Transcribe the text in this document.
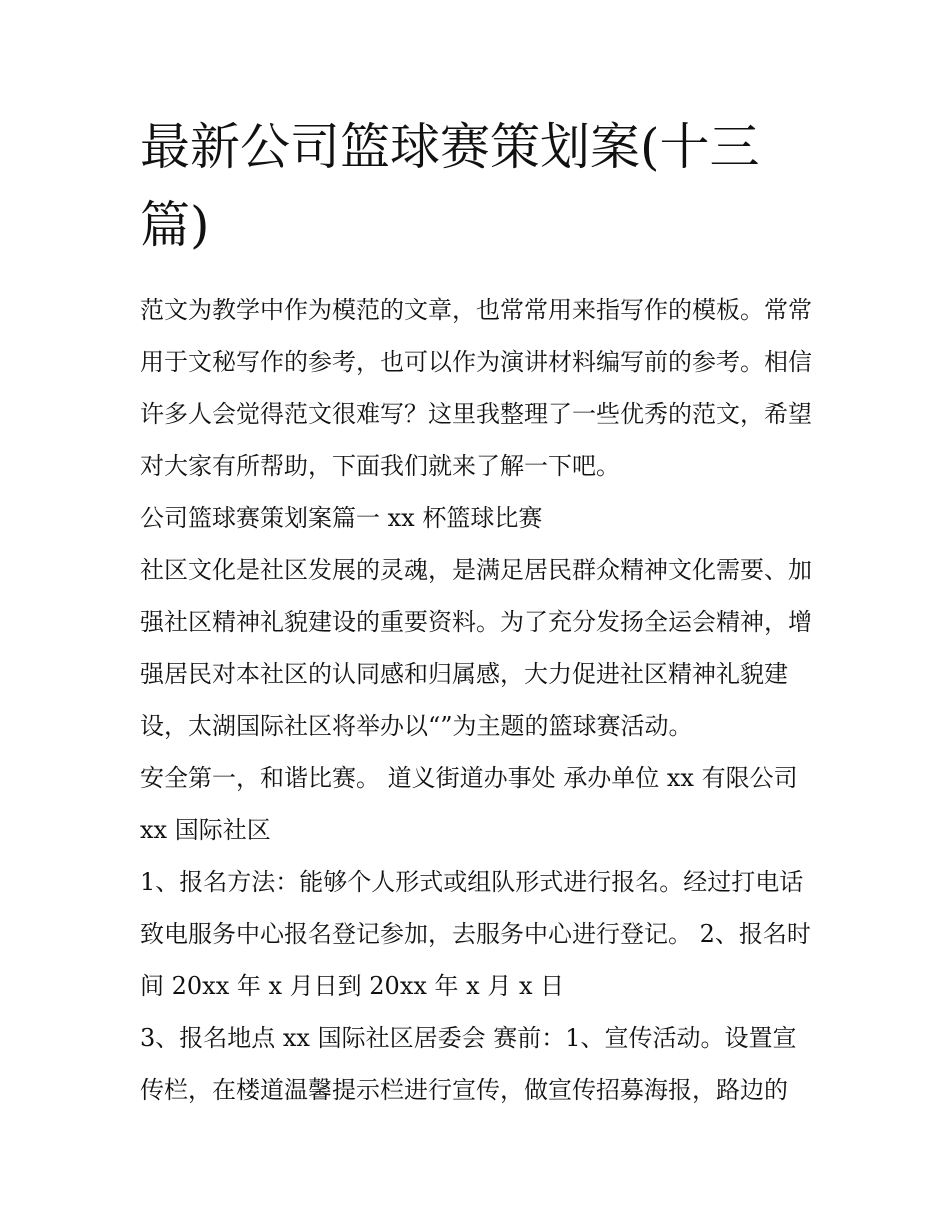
最新公司篮球赛策划案(十三篇)

范文为教学中作为模范的文章，也常常用来指写作的模板。常常用于文秘写作的参考，也可以作为演讲材料编写前的参考。相信许多人会觉得范文很难写？这里我整理了一些优秀的范文，希望对大家有所帮助，下面我们就来了解一下吧。

公司篮球赛策划案篇一 xx 杯篮球比赛

社区文化是社区发展的灵魂，是满足居民群众精神文化需要、加强社区精神礼貌建设的重要资料。为了充分发扬全运会精神，增强居民对本社区的认同感和归属感，大力促进社区精神礼貌建设，太湖国际社区将举办以“”为主题的篮球赛活动。

安全第一，和谐比赛。 道义街道办事处 承办单位 xx 有限公司 xx 国际社区

1、报名方法：能够个人形式或组队形式进行报名。经过打电话致电服务中心报名登记参加，去服务中心进行登记。 2、报名时间 20xx 年 x 月日到 20xx 年 x 月 x 日

3、报名地点 xx 国际社区居委会 赛前：1、宣传活动。设置宣传栏，在楼道温馨提示栏进行宣传，做宣传招募海报，路边的
